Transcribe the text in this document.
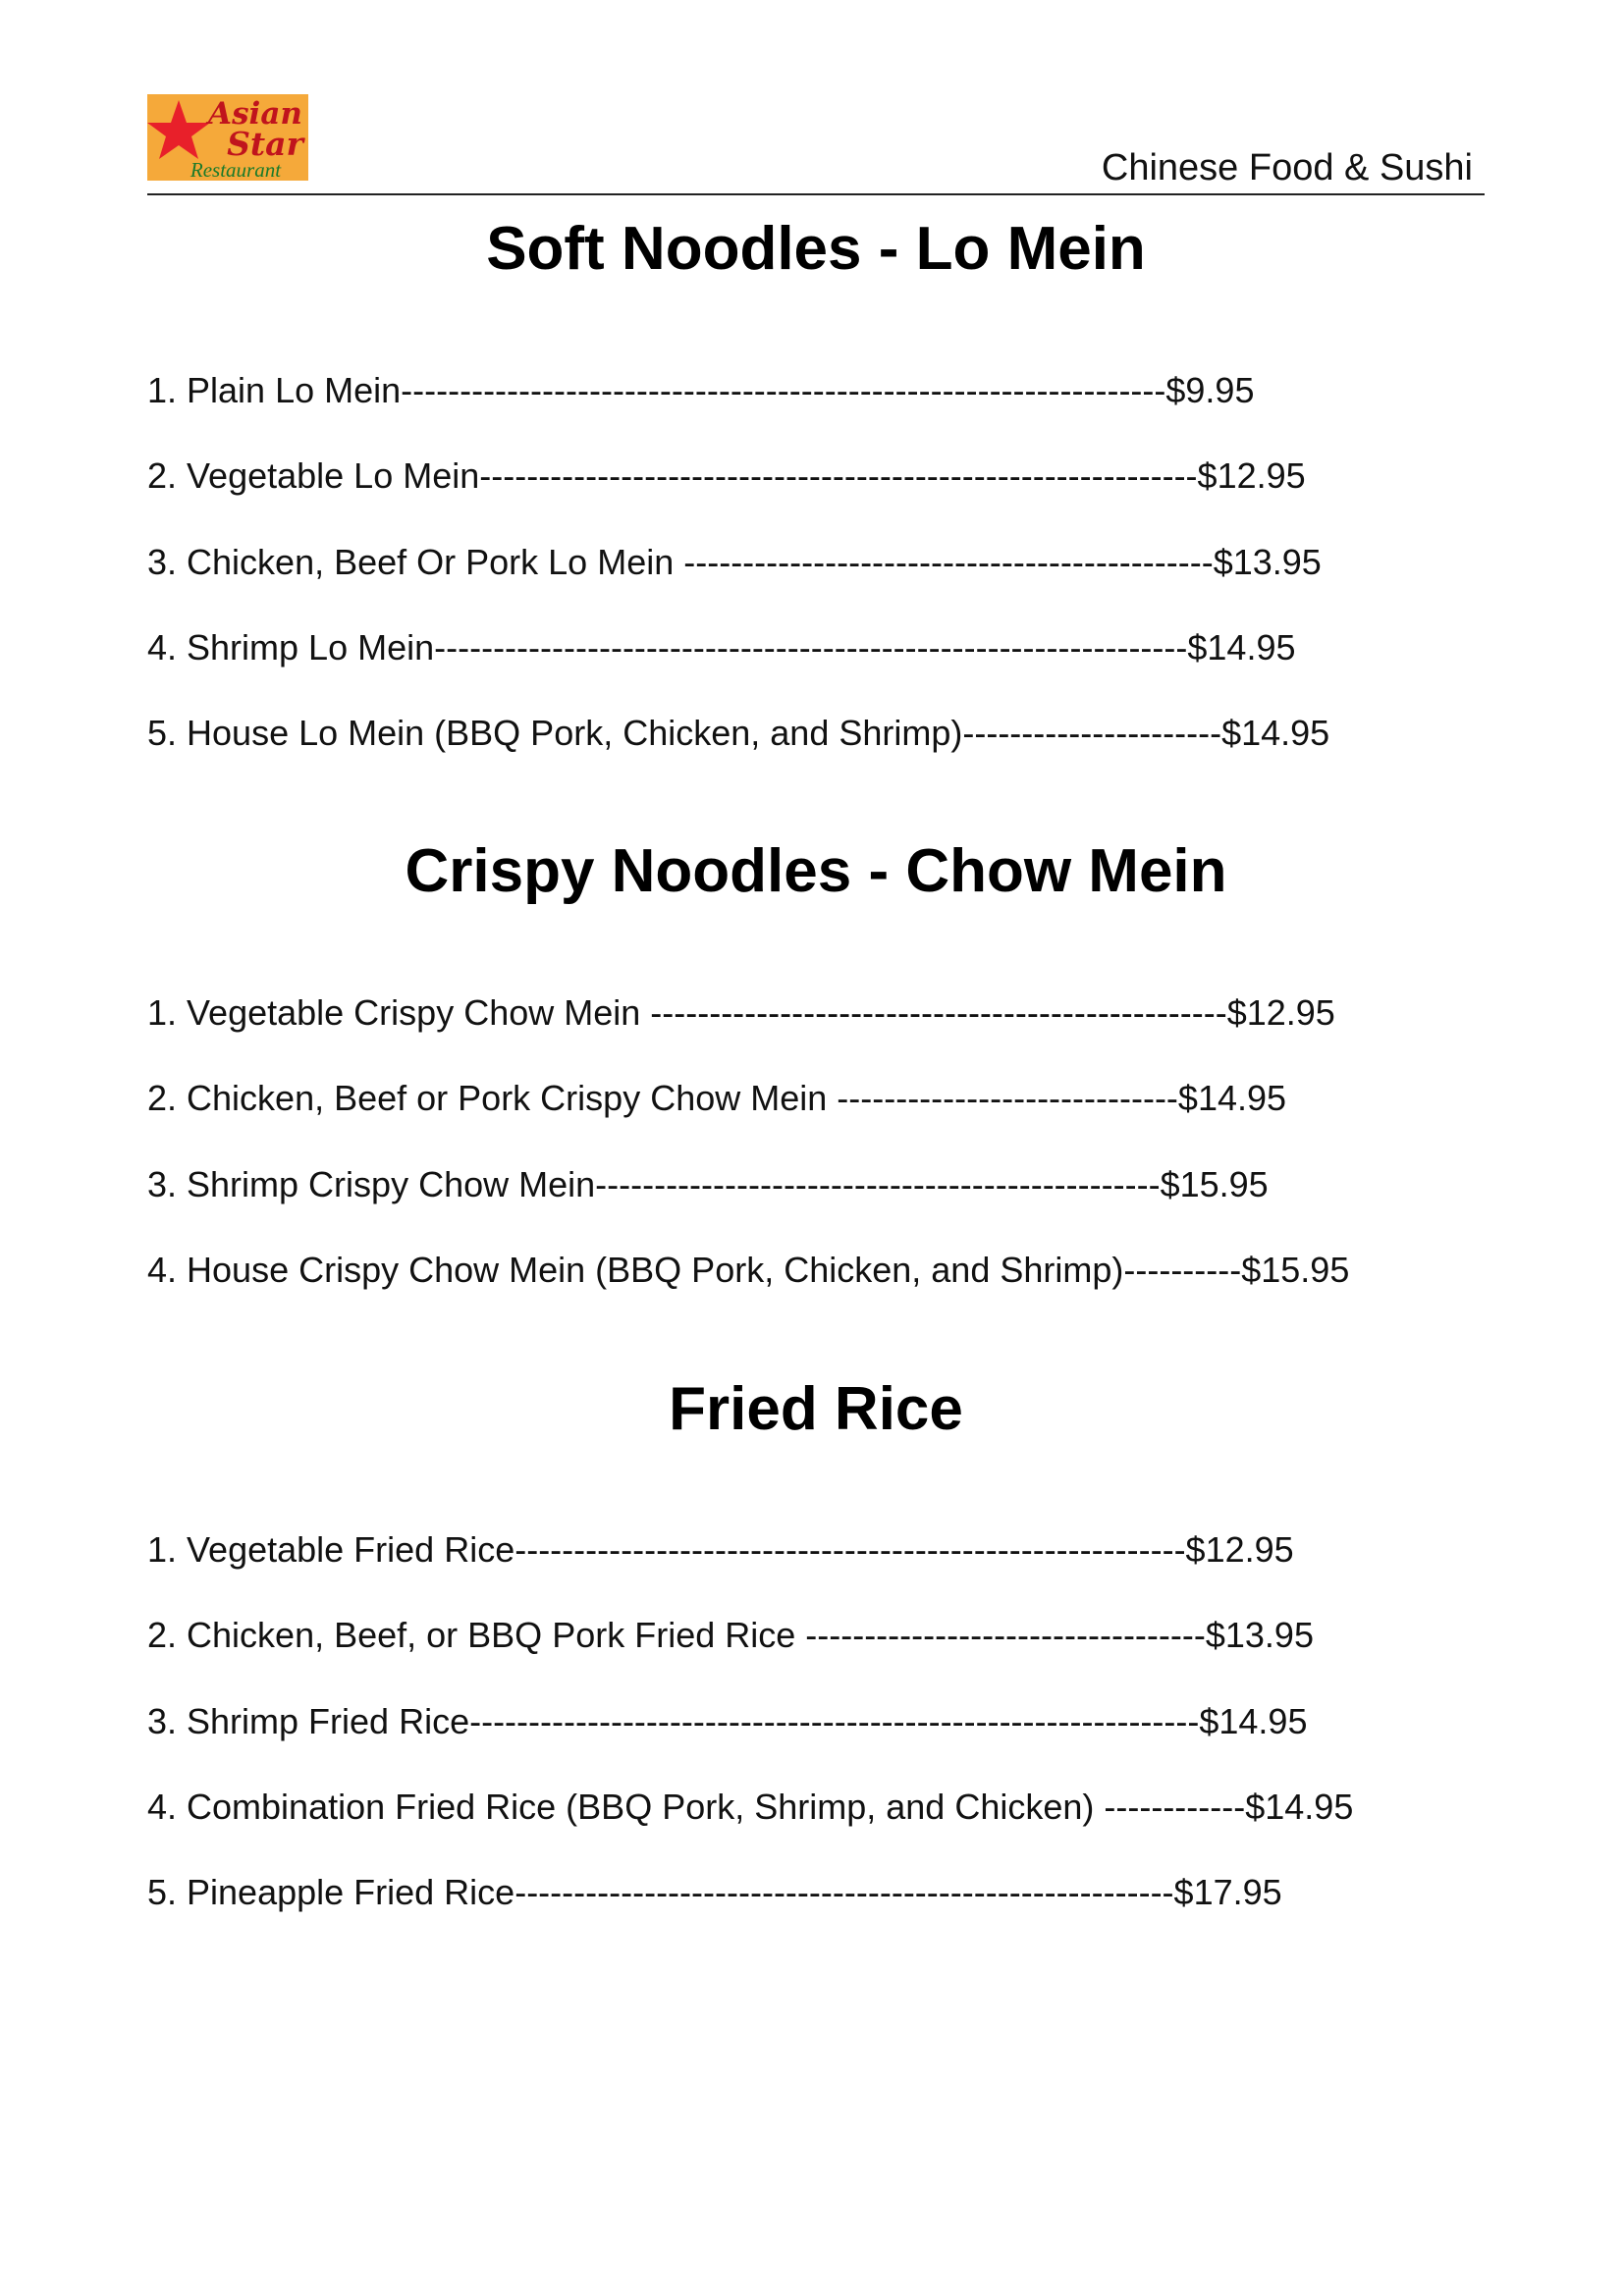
Asian
Star
Restaurant	Chinese Food & Sushi
Soft Noodles - Lo Mein
1. Plain Lo Mein-----------------------------------------------------------------$9.95
2. Vegetable Lo Mein-------------------------------------------------------------$12.95
3. Chicken, Beef Or Pork Lo Mein ---------------------------------------------$13.95
4. Shrimp Lo Mein----------------------------------------------------------------$14.95
5. House Lo Mein (BBQ Pork, Chicken, and Shrimp)----------------------$14.95
Crispy Noodles - Chow Mein
1. Vegetable Crispy Chow Mein -------------------------------------------------$12.95
2. Chicken, Beef or Pork Crispy Chow Mein -----------------------------$14.95
3. Shrimp Crispy Chow Mein------------------------------------------------$15.95
4. House Crispy Chow Mein (BBQ Pork, Chicken, and Shrimp)----------$15.95
Fried Rice
1. Vegetable Fried Rice---------------------------------------------------------$12.95
2. Chicken, Beef, or BBQ Pork Fried Rice ----------------------------------$13.95
3. Shrimp Fried Rice--------------------------------------------------------------$14.95
4. Combination Fried Rice (BBQ Pork, Shrimp, and Chicken) ------------$14.95
5. Pineapple Fried Rice--------------------------------------------------------$17.95
